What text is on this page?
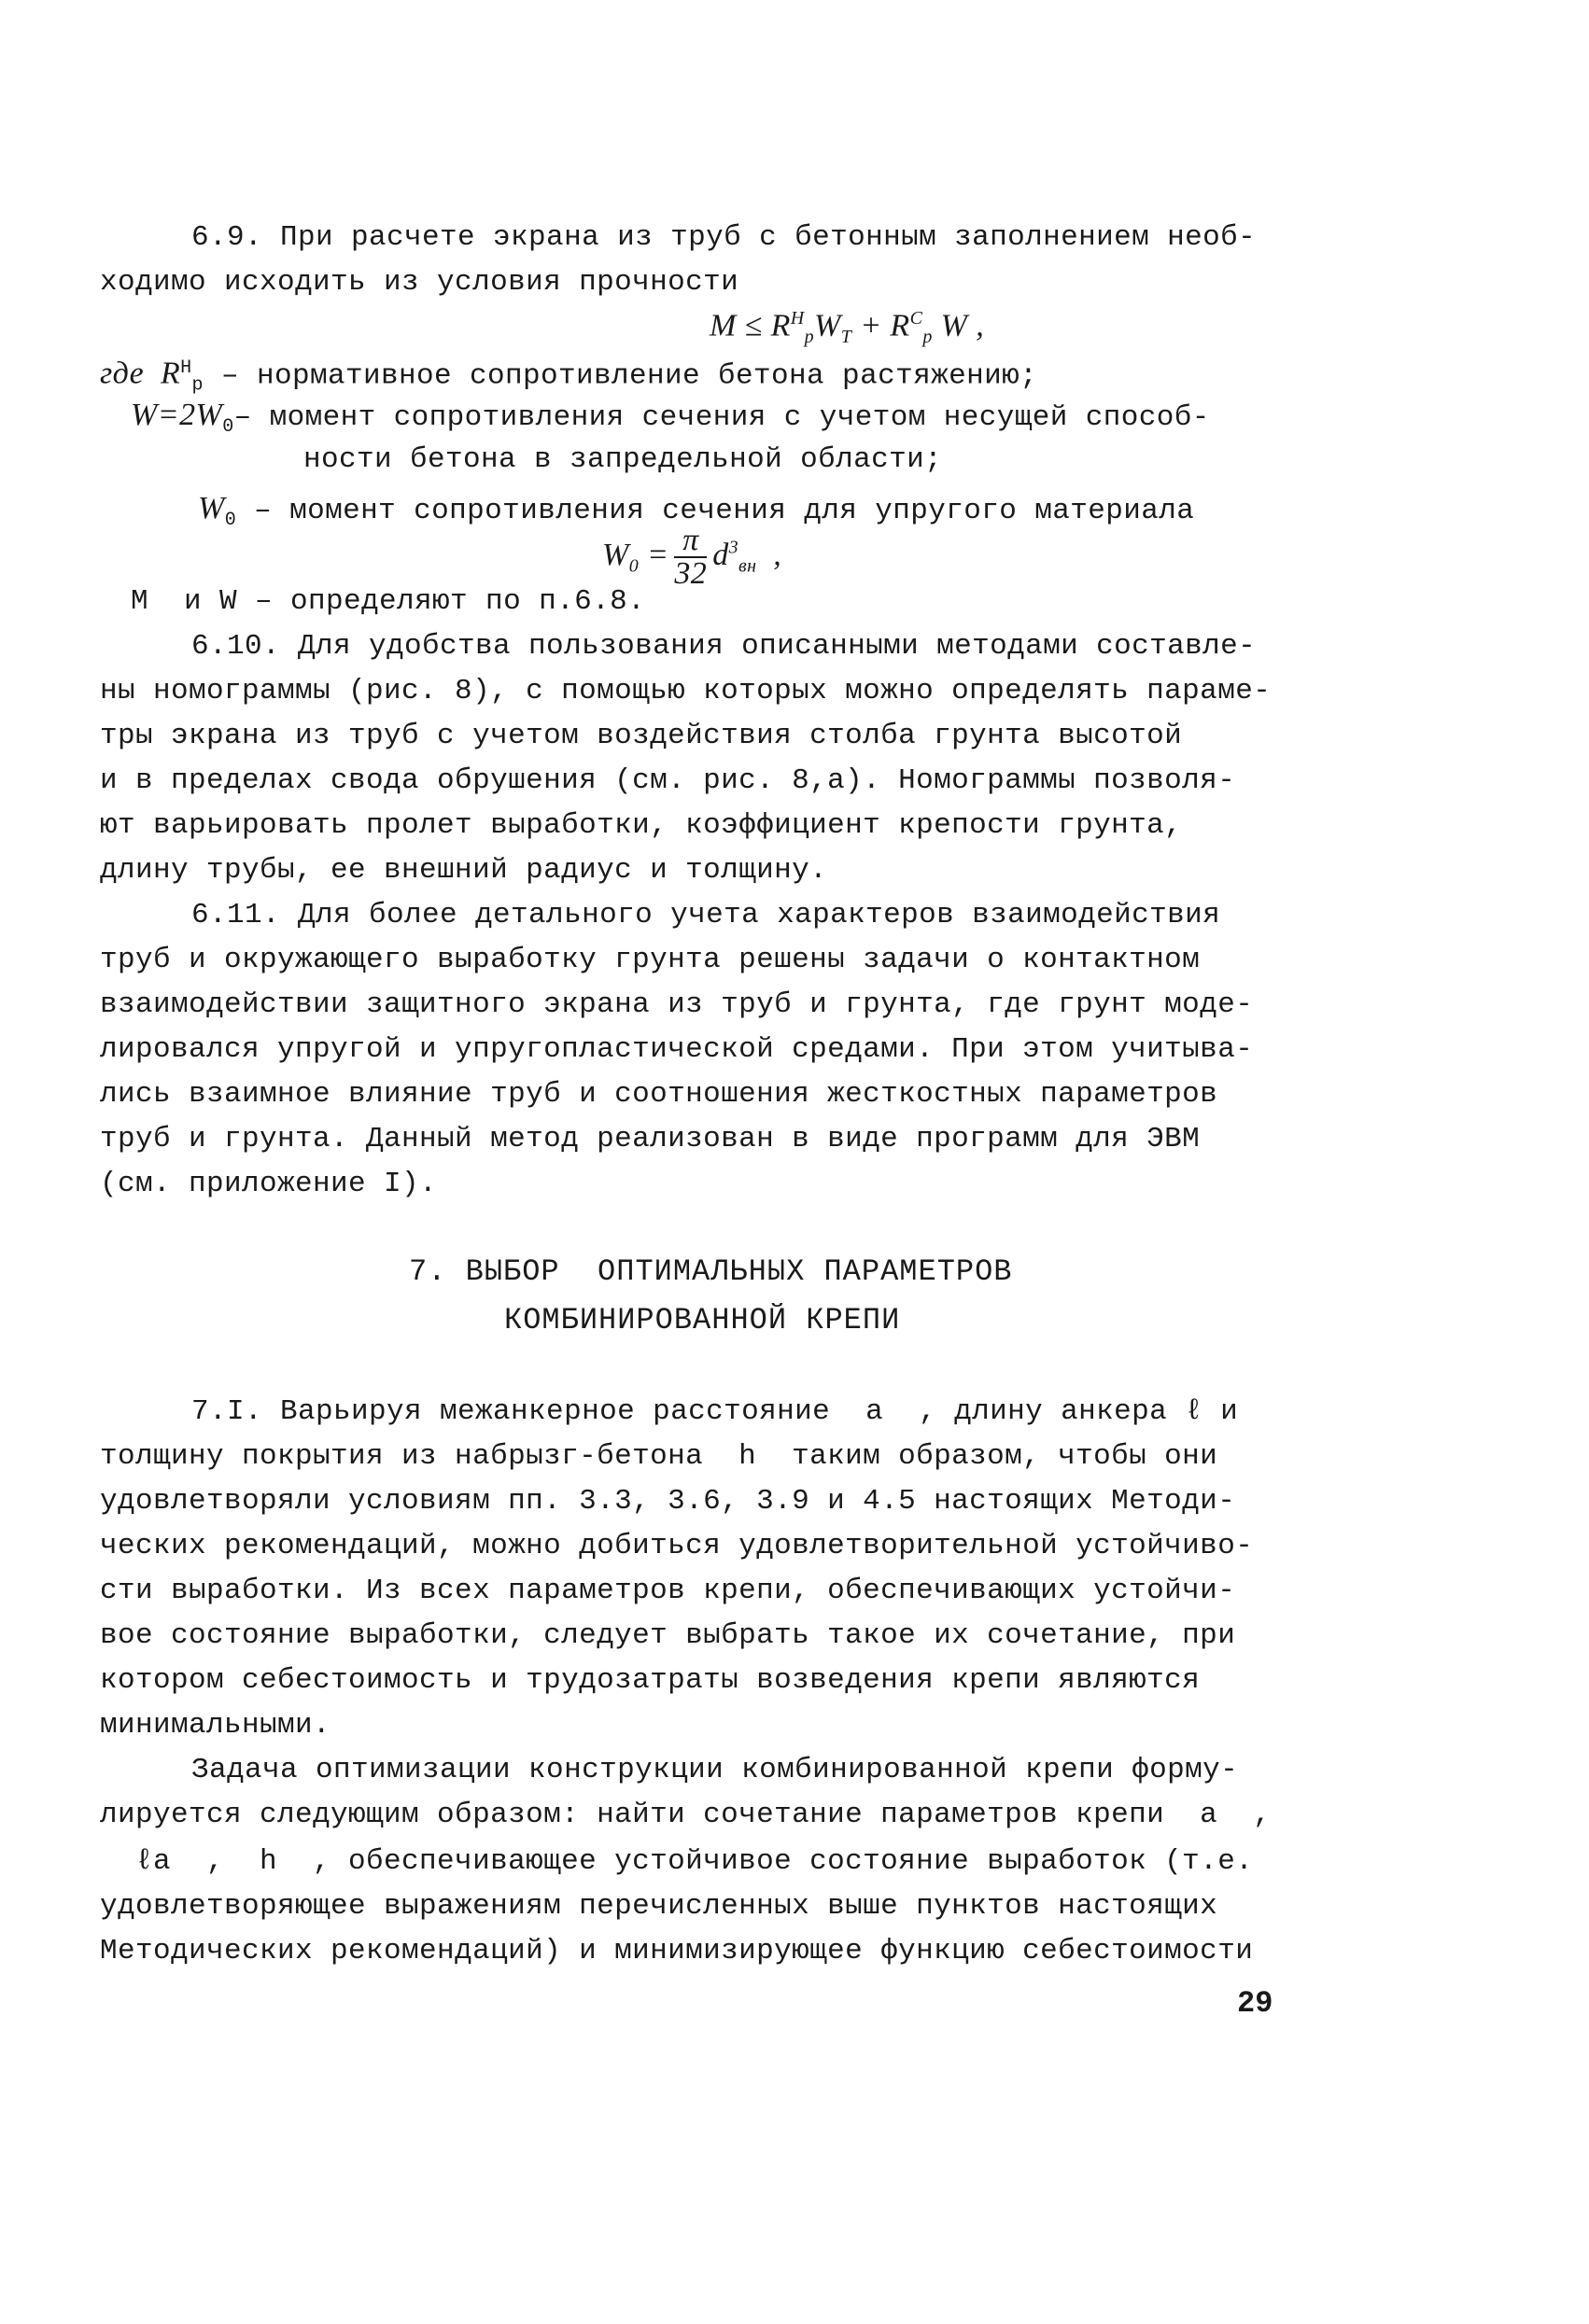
6.9. При расчете экрана из труб с бетонным заполнением необ-
ходимо исходить из условия прочности
$M \le R^H_pW_T + R^C_p$ W ,
где  $R^H_p$ – нормативное сопротивление бетона растяжению;
$W=2W_0-$ момент сопротивления сечения с учетом несущей способ-
ности бетона в запредельной области;
$W_0$ – момент сопротивления сечения для упругого материала
$W_0 = \frac{\pi}{32} d^3_{вн}$ ,
M  и W – определяют по п.6.8.
6.10. Для удобства пользования описанными методами составле-
ны номограммы (рис. 8), с помощью которых можно определять параме-
тры экрана из труб с учетом воздействия столба грунта высотой
и в пределах свода обрушения (см. рис. 8,а). Номограммы позволя-
ют варьировать пролет выработки, коэффициент крепости грунта,
длину трубы, ее внешний радиус и толщину.
6.11. Для более детального учета характеров взаимодействия
труб и окружающего выработку грунта решены задачи о контактном
взаимодействии защитного экрана из труб и грунта, где грунт моде-
лировался упругой и упругопластической средами. При этом учитыва-
лись взаимное влияние труб и соотношения жесткостных параметров
труб и грунта. Данный метод реализован в виде программ для ЭВМ
(см. приложение I).
7. ВЫБОР  ОПТИМАЛЬНЫХ ПАРАМЕТРОВ
КОМБИНИРОВАННОЙ КРЕПИ
7.I. Варьируя межанкерное расстояние  a  , длину анкера ℓ и
толщину покрытия из набрызг-бетона  h  таким образом, чтобы они
удовлетворяли условиям пп. 3.3, 3.6, 3.9 и 4.5 настоящих Методи-
ческих рекомендаций, можно добиться удовлетворительной устойчиво-
сти выработки. Из всех параметров крепи, обеспечивающих устойчи-
вое состояние выработки, следует выбрать такое их сочетание, при
котором себестоимость и трудозатраты возведения крепи являются
минимальными.
Задача оптимизации конструкции комбинированной крепи форму-
лируется следующим образом: найти сочетание параметров крепи  a  ,
ℓa  ,  h  , обеспечивающее устойчивое состояние выработок (т.е.
удовлетворяющее выражениям перечисленных выше пунктов настоящих
Методических рекомендаций) и минимизирующее функцию себестоимости
29
